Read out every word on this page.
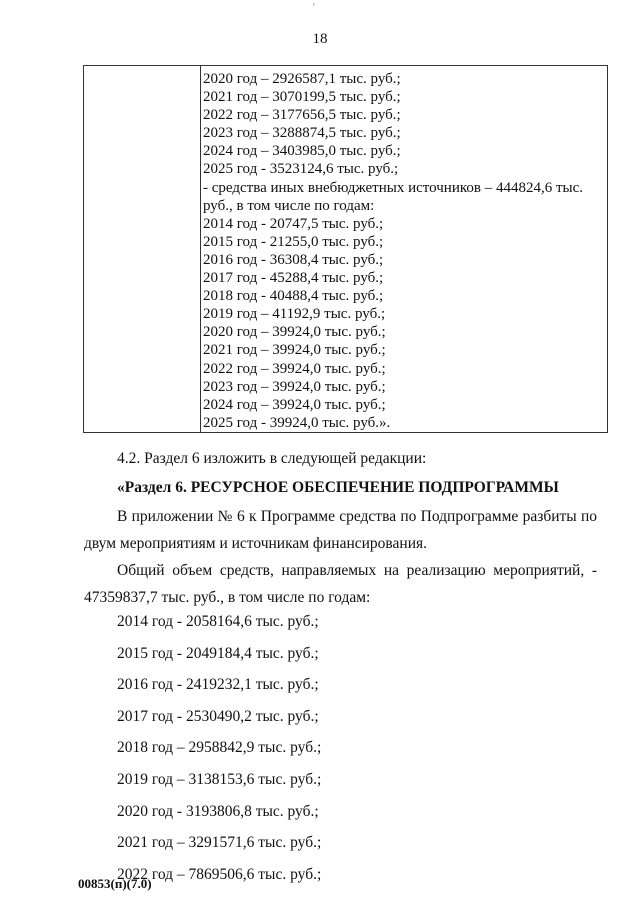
'
18
2020 год – 2926587,1 тыс. руб.;
2021 год – 3070199,5 тыс. руб.;
2022 год – 3177656,5 тыс. руб.;
2023 год – 3288874,5 тыс. руб.;
2024 год – 3403985,0 тыс. руб.;
2025 год - 3523124,6 тыс. руб.;
- средства иных внебюджетных источников – 444824,6 тыс.
руб., в том числе по годам:
2014 год - 20747,5 тыс. руб.;
2015 год - 21255,0 тыс. руб.;
2016 год - 36308,4 тыс. руб.;
2017 год - 45288,4 тыс. руб.;
2018 год - 40488,4 тыс. руб.;
2019 год – 41192,9 тыс. руб.;
2020 год – 39924,0 тыс. руб.;
2021 год – 39924,0 тыс. руб.;
2022 год – 39924,0 тыс. руб.;
2023 год – 39924,0 тыс. руб.;
2024 год – 39924,0 тыс. руб.;
2025 год - 39924,0 тыс. руб.».
4.2. Раздел 6 изложить в следующей редакции:
«Раздел 6. РЕСУРСНОЕ ОБЕСПЕЧЕНИЕ ПОДПРОГРАММЫ
В приложении № 6 к Программе средства по Подпрограмме разбиты по
двум мероприятиям и источникам финансирования.
Общий объем средств, направляемых на реализацию мероприятий, -
47359837,7 тыс. руб., в том числе по годам:
2014 год - 2058164,6 тыс. руб.;
2015 год - 2049184,4 тыс. руб.;
2016 год - 2419232,1 тыс. руб.;
2017 год - 2530490,2 тыс. руб.;
2018 год – 2958842,9 тыс. руб.;
2019 год – 3138153,6 тыс. руб.;
2020 год - 3193806,8 тыс. руб.;
2021 год – 3291571,6 тыс. руб.;
2022 год – 7869506,6 тыс. руб.;
00853(п)(7.0)
